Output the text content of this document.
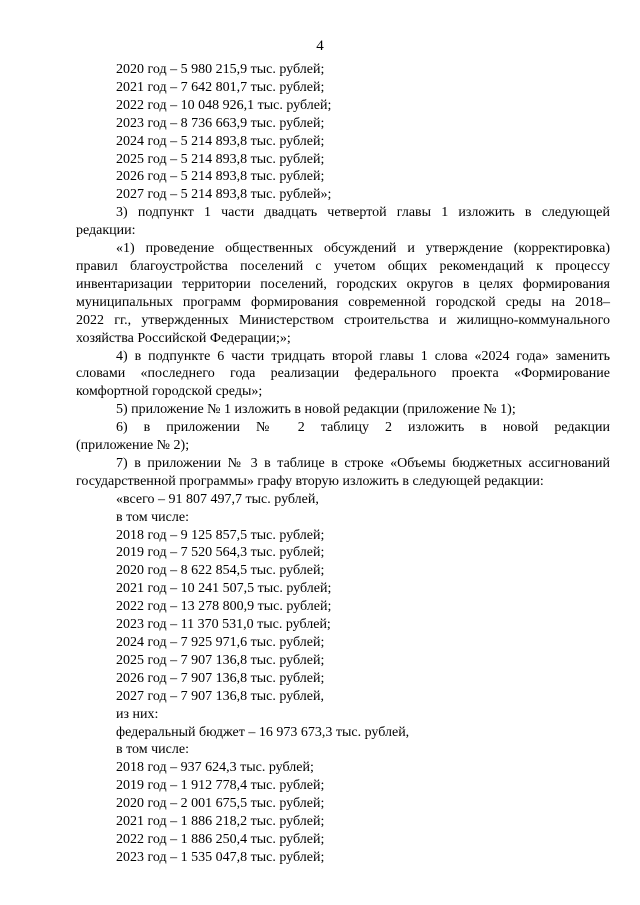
4
2020 год – 5 980 215,9 тыс. рублей;
2021 год – 7 642 801,7 тыс. рублей;
2022 год – 10 048 926,1 тыс. рублей;
2023 год – 8 736 663,9 тыс. рублей;
2024 год – 5 214 893,8 тыс. рублей;
2025 год – 5 214 893,8 тыс. рублей;
2026 год – 5 214 893,8 тыс. рублей;
2027 год – 5 214 893,8 тыс. рублей»;
3) подпункт 1 части двадцать четвертой главы 1 изложить в следующей
редакции:
«1) проведение общественных обсуждений и утверждение (корректировка)
правил благоустройства поселений с учетом общих рекомендаций к процессу
инвентаризации территории поселений, городских округов в целях формирования
муниципальных программ формирования современной городской среды на 2018–
2022 гг., утвержденных Министерством строительства и жилищно-коммунального
хозяйства Российской Федерации;»;
4) в подпункте 6 части тридцать второй главы 1 слова «2024 года» заменить
словами «последнего года реализации федерального проекта «Формирование
комфортной городской среды»;
5) приложение № 1 изложить в новой редакции (приложение № 1);
6) в приложении № 2 таблицу 2 изложить в новой редакции
(приложение № 2);
7) в приложении № 3 в таблице в строке «Объемы бюджетных ассигнований
государственной программы» графу вторую изложить в следующей редакции:
«всего – 91 807 497,7 тыс. рублей,
в том числе:
2018 год – 9 125 857,5 тыс. рублей;
2019 год – 7 520 564,3 тыс. рублей;
2020 год – 8 622 854,5 тыс. рублей;
2021 год – 10 241 507,5 тыс. рублей;
2022 год – 13 278 800,9 тыс. рублей;
2023 год – 11 370 531,0 тыс. рублей;
2024 год – 7 925 971,6 тыс. рублей;
2025 год – 7 907 136,8 тыс. рублей;
2026 год – 7 907 136,8 тыс. рублей;
2027 год – 7 907 136,8 тыс. рублей,
из них:
федеральный бюджет – 16 973 673,3 тыс. рублей,
в том числе:
2018 год – 937 624,3 тыс. рублей;
2019 год – 1 912 778,4 тыс. рублей;
2020 год – 2 001 675,5 тыс. рублей;
2021 год – 1 886 218,2 тыс. рублей;
2022 год – 1 886 250,4 тыс. рублей;
2023 год – 1 535 047,8 тыс. рублей;
